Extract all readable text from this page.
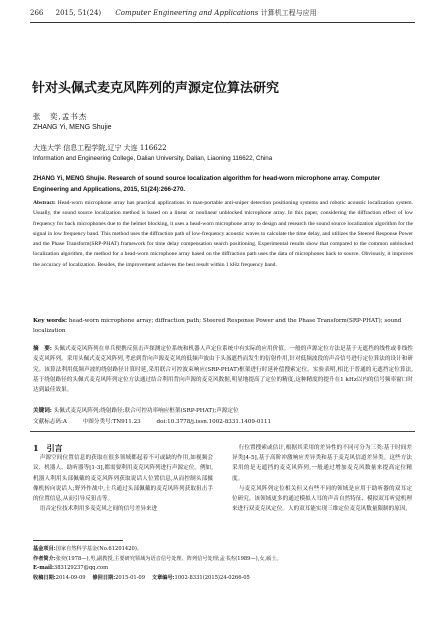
266 2015, 51(24) Computer Engineering and Applications 计算机工程与应用
针对头佩式麦克风阵列的声源定位算法研究
张　奕,孟书杰
ZHANG Yi, MENG Shujie
大连大学 信息工程学院,辽宁 大连 116622
Information and Engineering College, Dalian University, Dalian, Liaoning 116622, China
ZHANG Yi, MENG Shujie. Research of sound source localization algorithm for head-worn microphone array. Computer Engineering and Applications, 2015, 51(24):266-270.
Abstract: Head-worn microphone array has practical applications in man-portable anti-sniper detection positioning systems and robotic acoustic localization system. Usually, the sound source localization method is based on a linear or nonlinear unblocked microphone array. In this paper, considering the diffraction effect of low frequency for back microphones due to the helmet blocking, it uses a head-worn microphone array to design and research the sound source localization algorithm for the signal in low frequency band. This method uses the diffraction path of low-frequency acoustic waves to calculate the time delay, and utilizes the Steered Response Power and the Phase Transform(SRP-PHAT) framework for time delay compensation search positioning. Experimental results show that compared to the common unblocked localization algorithm, the method for a head-worn microphone array based on the diffraction path uses the data of microphones back to source. Obviously, it improves the accuracy of localization. Besides, the improvement achieves the best result within 1 kHz frequency band.
Key words: head-worn microphone array; diffraction path; Steered Response Power and the Phase Transform(SRP-PHAT); sound localization
摘　要: 头佩式麦克风阵列在单兵便携反狙击声探测定位系统和机器人声定位系统中有实际的应用价值。一般的声源定位方法是基于无遮挡的线性或非线性麦克风阵列。采用头佩式麦克风阵列,考虑到背向声源麦克风的低频声波由于头盔遮挡而发生的衍射作用,针对低频波段的声音信号进行定位算法的设计和研究。该算法利用低频声波的绕射路径计算时延,采用联合可控波束响应(SRP-PHAT)框架进行时延补偿搜索定位。实验表明,相比于普通的无遮挡定位算法,基于绕射路径的头佩式麦克风阵列定位方法通过结合利用背向声源的麦克风数据,明显地提高了定位的精度,这种精度的提升在1 kHz以内的信号频率窗口时达到最佳效果。
关键词: 头佩式麦克风阵列;绕射路径;联合可控功率响应框架(SRP-PHAT);声源定位
文献标志码:A	中图分类号:TN911.23	doi:10.3778/j.issn.1002-8331.1409-0111

1　引言

声源空间位置信息的获取在很多领域都起着不可或缺的作用,如视频会议、机器人、助听器等[1-3],都需要利用麦克风阵列进行声源定位。例如,机器人利用头部佩戴的麦克风阵列获取说话人位置信息,从而控制头部摄像机转向说话人;野外作战中,士兵通过头部佩戴的麦克风阵列获取狙击手的位置信息,从而引导反狙击等。

语音定位技术利用多麦克风之间的信号差异来进

行位置搜索或估计,根据其采用的差异性的不同可分为三类:基于时间差异类[4-5],基于高阶冲激响应差异类和基于麦克风信道差异类。这些方法采用的是无遮挡的麦克风阵列,一般通过增加麦克风数量来提高定位精度。

与麦克风阵列定位相关但又有些不同的领域是应用于助听器的双耳定位研究。该领域更多的通过模拟人耳的声音自然特征、模拟双耳听觉机理来进行双麦克风定位。人的双耳能实现三维定位麦克风数量限制的原因,

基金项目:国家自然科学基金(No.61201420)。
作者简介:张奕(1978—),男,副教授,主要研究领域为语音信号处理、阵列信号处理;孟书杰(1989—),女,硕士。
E-mail:383129237@qq.com
收稿日期:2014-09-09　 修回日期:2015-01-09　 文章编号:1002-8331(2015)24-0266-05
